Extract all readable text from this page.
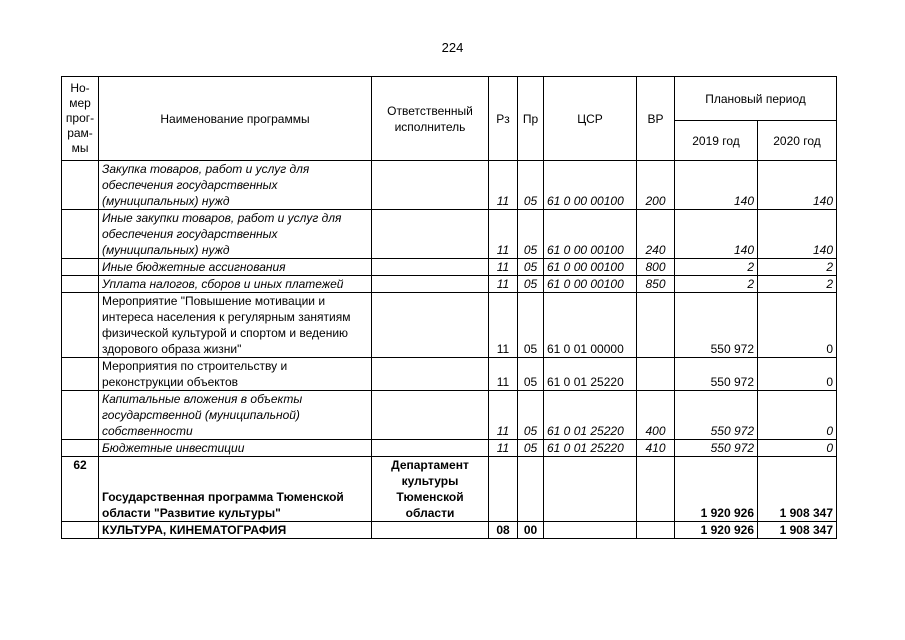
224
Но-мер прог-рам-мы	Наименование программы	Ответственный исполнитель	Рз	Пр	ЦСР	ВР	Плановый период	
							2019 год	2020 год
	Закупка товаров, работ и услуг для обеспечения государственных (муниципальных) нужд		11	05	61 0 00 00100	200	140	140
	Иные закупки товаров, работ и услуг для обеспечения государственных (муниципальных) нужд		11	05	61 0 00 00100	240	140	140
	Иные бюджетные ассигнования		11	05	61 0 00 00100	800	2	2
	Уплата налогов, сборов и иных платежей		11	05	61 0 00 00100	850	2	2
	Мероприятие "Повышение мотивации и интереса населения к регулярным занятиям физической культурой и спортом и ведению здорового образа жизни"		11	05	61 0 01 00000		550 972	0
	Мероприятия по строительству и реконструкции объектов		11	05	61 0 01 25220		550 972	0
	Капитальные вложения в объекты государственной (муниципальной) собственности		11	05	61 0 01 25220	400	550 972	0
	Бюджетные инвестиции		11	05	61 0 01 25220	410	550 972	0
62	Государственная программа Тюменской области "Развитие культуры"	Департамент культуры Тюменской области					1 920 926	1 908 347
	КУЛЬТУРА, КИНЕМАТОГРАФИЯ		08	00			1 920 926	1 908 347
